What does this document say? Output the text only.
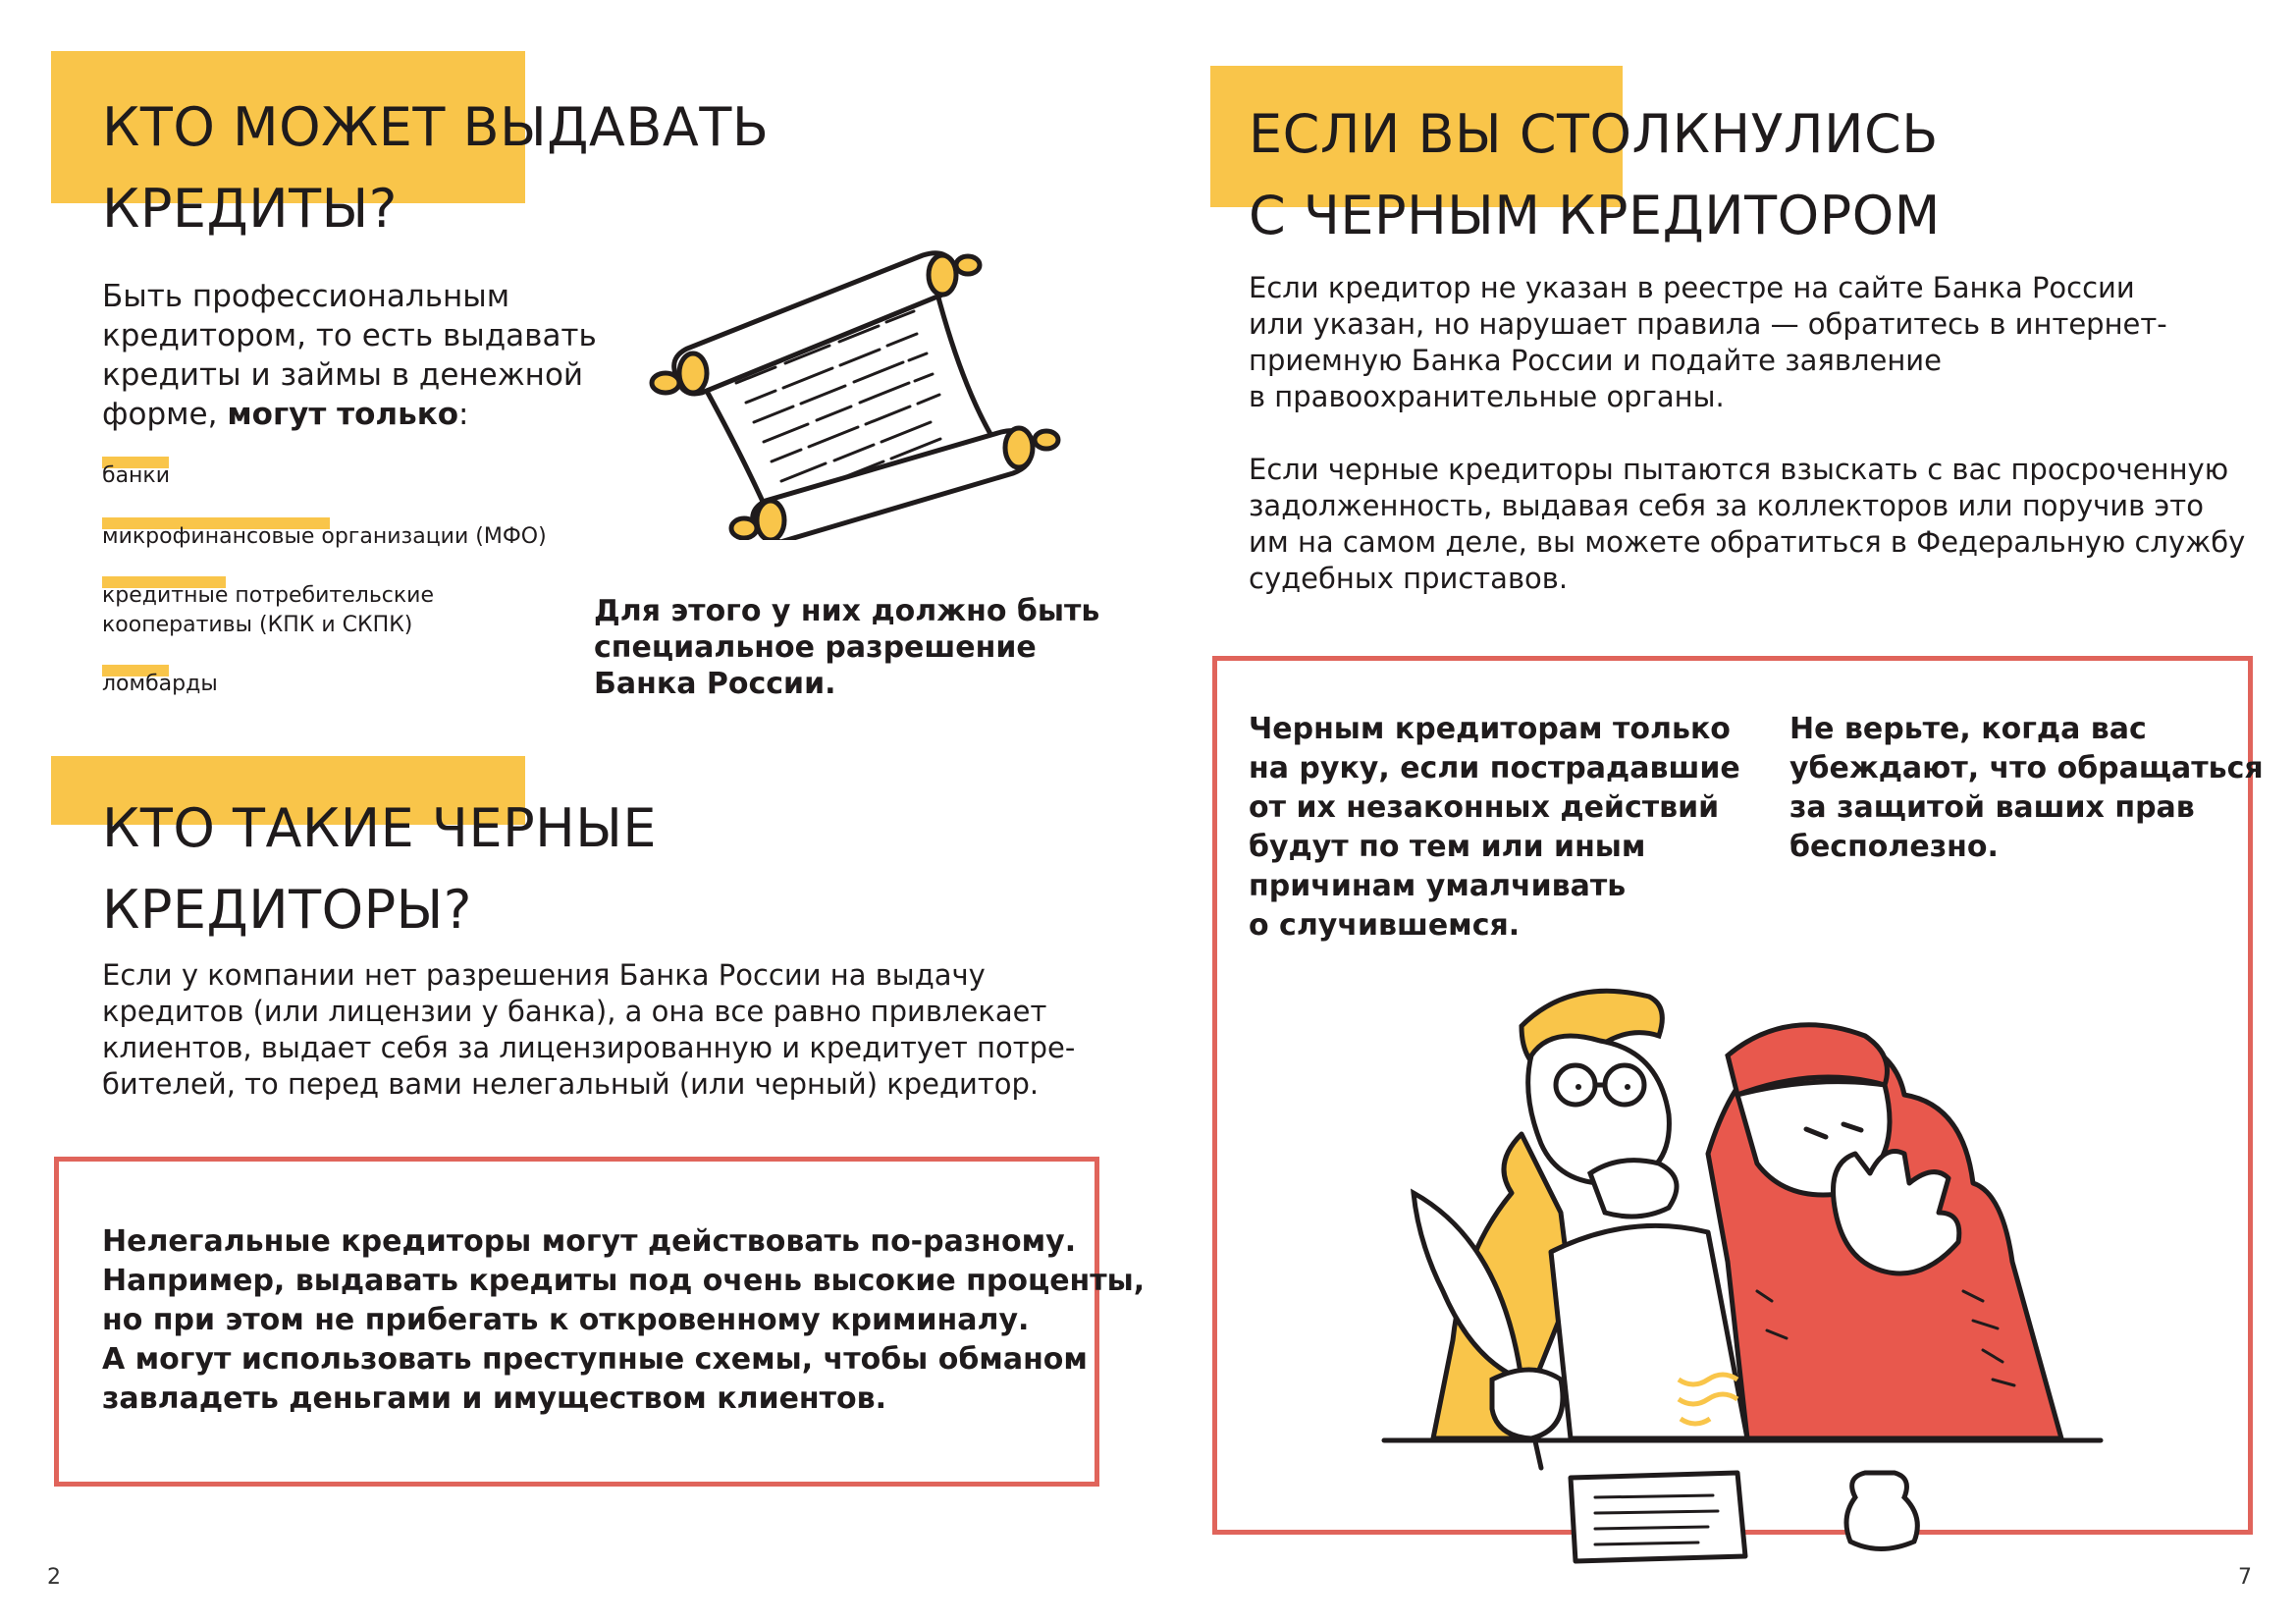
КТО МОЖЕТ ВЫДАВАТЬ
КРЕДИТЫ?
Быть профессиональным
кредитором, то есть выдавать
кредиты и займы в денежной
форме, могут только:
банки
микрофинансовые организации (МФО)
кредитные потребительские
кооперативы (КПК и СКПК)
ломбарды
Для этого у них должно быть
специальное разрешение
Банка России.
КТО ТАКИЕ ЧЕРНЫЕ
КРЕДИТОРЫ?
Если у компании нет разрешения Банка России на выдачу
кредитов (или лицензии у банка), а она все равно привлекает
клиентов, выдает себя за лицензированную и кредитует потре-
бителей, то перед вами нелегальный (или черный) кредитор.
Нелегальные кредиторы могут действовать по-разному.
Например, выдавать кредиты под очень высокие проценты,
но при этом не прибегать к откровенному криминалу.
А могут использовать преступные схемы, чтобы обманом
завладеть деньгами и имуществом клиентов.
2
ЕСЛИ ВЫ СТОЛКНУЛИСЬ
С ЧЕРНЫМ КРЕДИТОРОМ
Если кредитор не указан в реестре на сайте Банка России
или указан, но нарушает правила — обратитесь в интернет-
приемную Банка России и подайте заявление
в правоохранительные органы.
Если черные кредиторы пытаются взыскать с вас просроченную
задолженность, выдавая себя за коллекторов или поручив это
им на самом деле, вы можете обратиться в Федеральную службу
судебных приставов.
Черным кредиторам только
на руку, если пострадавшие
от их незаконных действий
будут по тем или иным
причинам умалчивать
о случившемся.
Не верьте, когда вас
убеждают, что обращаться
за защитой ваших прав
бесполезно.
7
